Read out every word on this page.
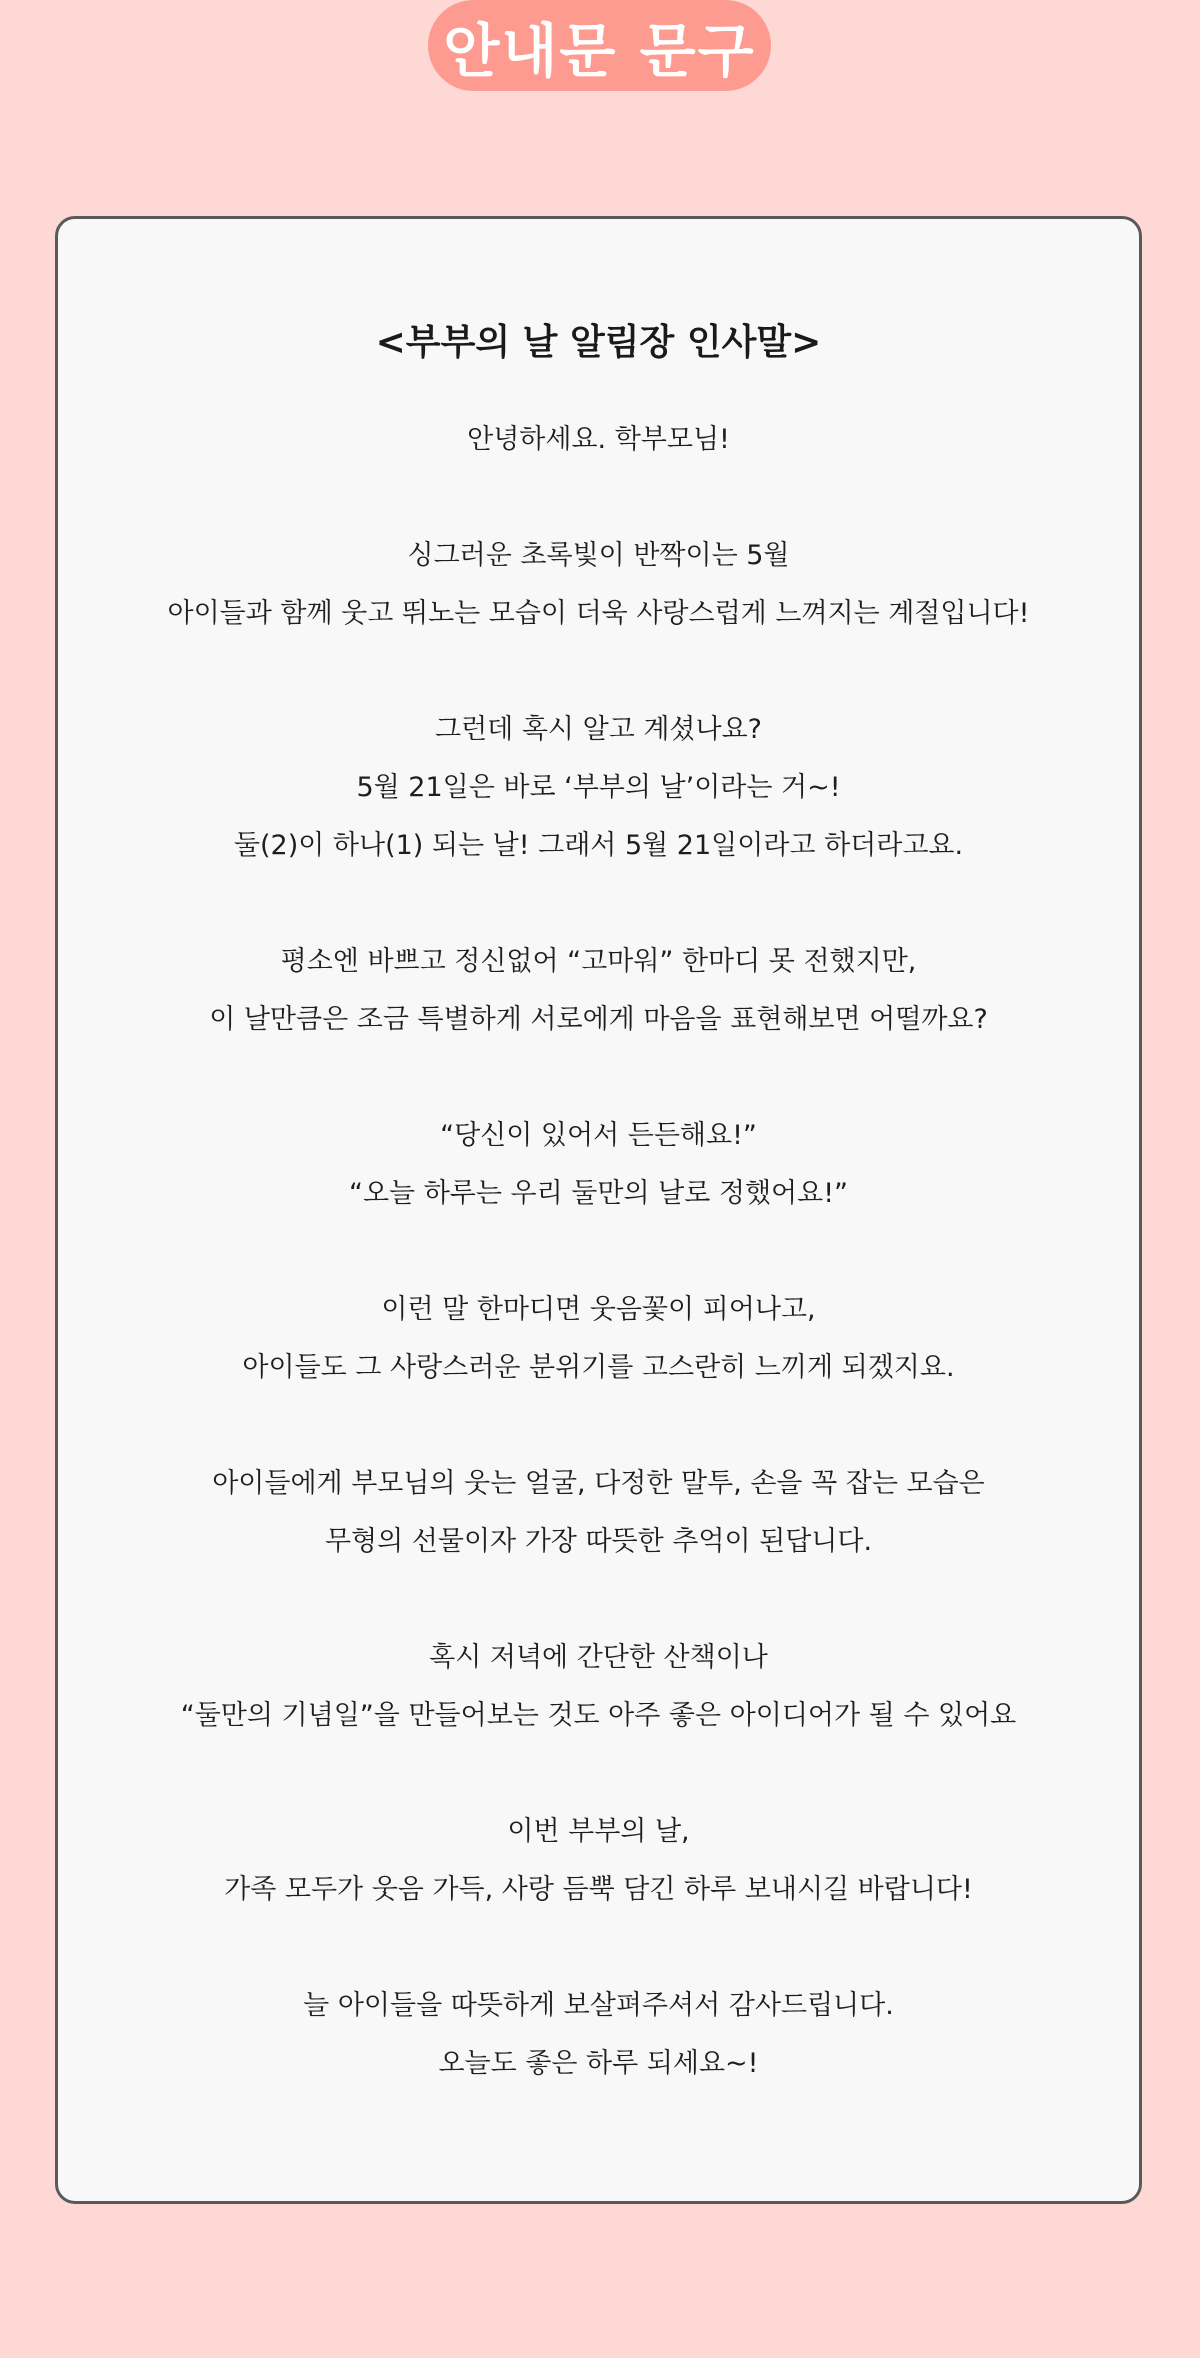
안내문 문구
<부부의 날 알림장 인사말>
안녕하세요. 학부모님!
싱그러운 초록빛이 반짝이는 5월
아이들과 함께 웃고 뛰노는 모습이 더욱 사랑스럽게 느껴지는 계절입니다!
그런데 혹시 알고 계셨나요?
5월 21일은 바로 ‘부부의 날’이라는 거~!
둘(2)이 하나(1) 되는 날! 그래서 5월 21일이라고 하더라고요.
평소엔 바쁘고 정신없어 “고마워” 한마디 못 전했지만,
이 날만큼은 조금 특별하게 서로에게 마음을 표현해보면 어떨까요?
“당신이 있어서 든든해요!”
“오늘 하루는 우리 둘만의 날로 정했어요!”
이런 말 한마디면 웃음꽃이 피어나고,
아이들도 그 사랑스러운 분위기를 고스란히 느끼게 되겠지요.
아이들에게 부모님의 웃는 얼굴, 다정한 말투, 손을 꼭 잡는 모습은
무형의 선물이자 가장 따뜻한 추억이 된답니다.
혹시 저녁에 간단한 산책이나
“둘만의 기념일”을 만들어보는 것도 아주 좋은 아이디어가 될 수 있어요
이번 부부의 날,
가족 모두가 웃음 가득, 사랑 듬뿍 담긴 하루 보내시길 바랍니다!
늘 아이들을 따뜻하게 보살펴주셔서 감사드립니다.
오늘도 좋은 하루 되세요~!
